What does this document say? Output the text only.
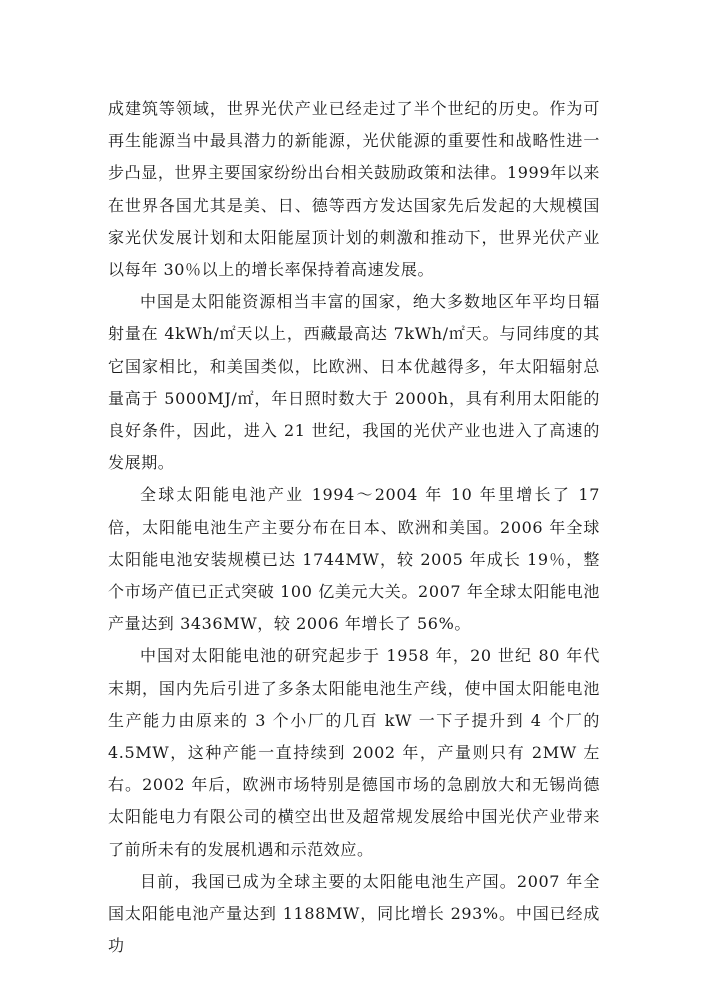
成建筑等领域，世界光伏产业已经走过了半个世纪的历史。作为可再生能源当中最具潜力的新能源，光伏能源的重要性和战略性进一步凸显，世界主要国家纷纷出台相关鼓励政策和法律。1999年以来在世界各国尤其是美、日、德等西方发达国家先后发起的大规模国家光伏发展计划和太阳能屋顶计划的刺激和推动下，世界光伏产业以每年 30％以上的增长率保持着高速发展。

中国是太阳能资源相当丰富的国家，绝大多数地区年平均日辐射量在 4kWh/㎡天以上，西藏最高达 7kWh/㎡天。与同纬度的其它国家相比，和美国类似，比欧洲、日本优越得多，年太阳辐射总量高于 5000MJ/㎡，年日照时数大于 2000h，具有利用太阳能的良好条件，因此，进入 21 世纪，我国的光伏产业也进入了高速的发展期。

全球太阳能电池产业 1994～2004 年 10 年里增长了 17 倍，太阳能电池生产主要分布在日本、欧洲和美国。2006 年全球太阳能电池安装规模已达 1744MW，较 2005 年成长 19％，整个市场产值已正式突破 100 亿美元大关。2007 年全球太阳能电池产量达到 3436MW，较 2006 年增长了 56%。

中国对太阳能电池的研究起步于 1958 年，20 世纪 80 年代末期，国内先后引进了多条太阳能电池生产线，使中国太阳能电池生产能力由原来的 3 个小厂的几百 kW 一下子提升到 4 个厂的 4.5MW，这种产能一直持续到 2002 年，产量则只有 2MW 左右。2002 年后，欧洲市场特别是德国市场的急剧放大和无锡尚德太阳能电力有限公司的横空出世及超常规发展给中国光伏产业带来了前所未有的发展机遇和示范效应。

目前，我国已成为全球主要的太阳能电池生产国。2007 年全国太阳能电池产量达到 1188MW，同比增长 293%。中国已经成功
